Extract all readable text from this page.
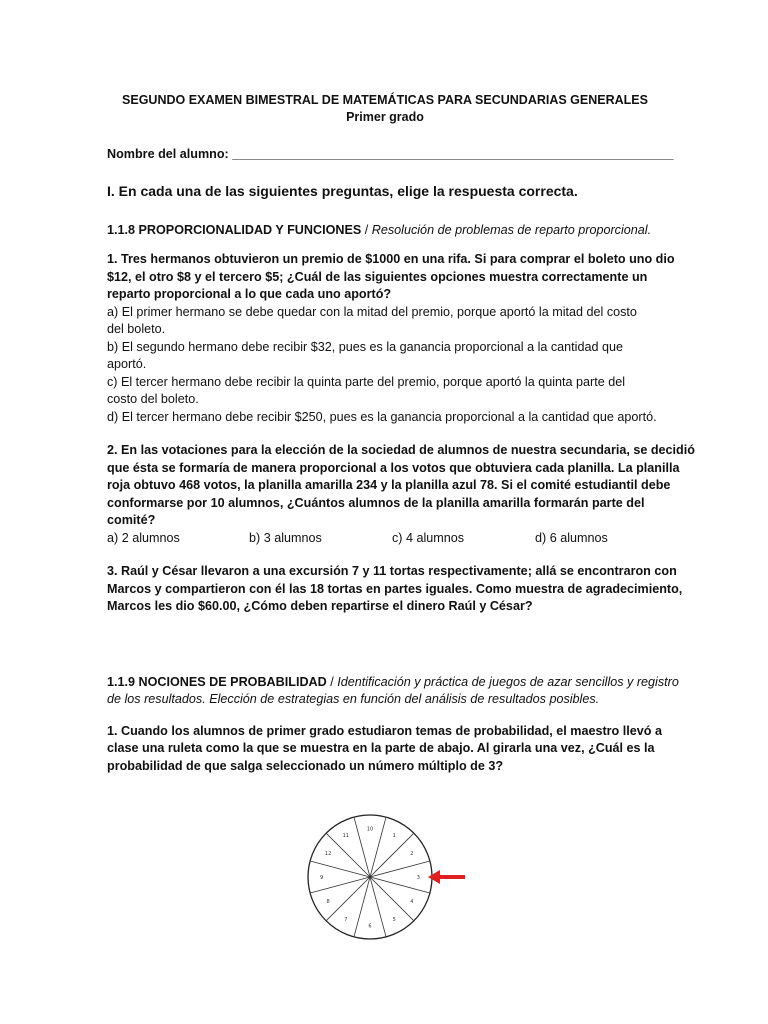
SEGUNDO EXAMEN BIMESTRAL DE MATEMÁTICAS PARA SECUNDARIAS GENERALES
Primer grado
Nombre del alumno: _______________________________________________________________
I. En cada una de las siguientes preguntas, elige la respuesta correcta.
1.1.8 PROPORCIONALIDAD Y FUNCIONES / Resolución de problemas de reparto proporcional.
1. Tres hermanos obtuvieron un premio de $1000 en una rifa. Si para comprar el boleto uno dio
$12, el otro $8 y el tercero $5; ¿Cuál de las siguientes opciones muestra correctamente un
reparto proporcional a lo que cada uno aportó?
a) El primer hermano se debe quedar con la mitad del premio, porque aportó la mitad del costo
del boleto.
b) El segundo hermano debe recibir $32, pues es la ganancia proporcional a la cantidad que
aportó.
c) El tercer hermano debe recibir la quinta parte del premio, porque aportó la quinta parte del
costo del boleto.
d) El tercer hermano debe recibir $250, pues es la ganancia proporcional a la cantidad que aportó.
2. En las votaciones para la elección de la sociedad de alumnos de nuestra secundaria, se decidió
que ésta se formaría de manera proporcional a los votos que obtuviera cada planilla. La planilla
roja obtuvo 468 votos, la planilla amarilla 234 y la planilla azul 78. Si el comité estudiantil debe
conformarse por 10 alumnos, ¿Cuántos alumnos de la planilla amarilla formarán parte del
comité?
a) 2 alumnos	b) 3 alumnos	c) 4 alumnos	d) 6 alumnos
3. Raúl y César llevaron a una excursión 7 y 11 tortas respectivamente; allá se encontraron con
Marcos y compartieron con él las 18 tortas en partes iguales. Como muestra de agradecimiento,
Marcos les dio $60.00, ¿Cómo deben repartirse el dinero Raúl y César?
1.1.9 NOCIONES DE PROBABILIDAD / Identificación y práctica de juegos de azar sencillos y registro
de los resultados. Elección de estrategias en función del análisis de resultados posibles.
1. Cuando los alumnos de primer grado estudiaron temas de probabilidad, el maestro llevó a
clase una ruleta como la que se muestra en la parte de abajo. Al girarla una vez, ¿Cuál es la
probabilidad de que salga seleccionado un número múltiplo de 3?
10
1
2
3
4
5
6
7
8
9
12
11
